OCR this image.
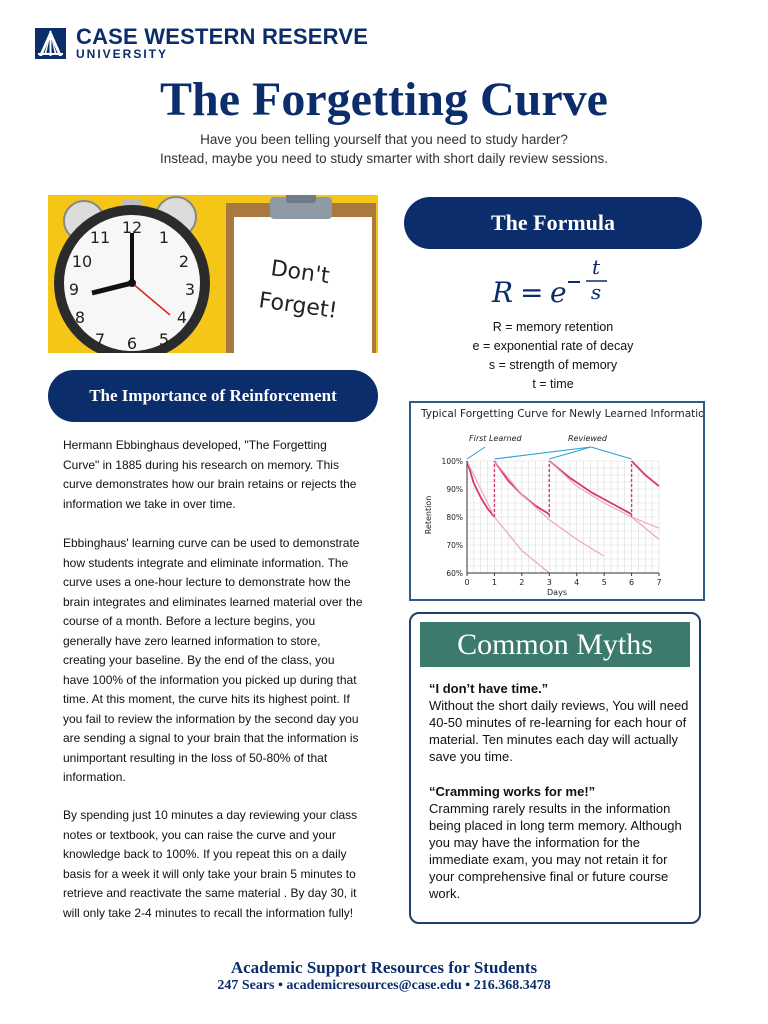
CASE WESTERN RESERVE
UNIVERSITY
The Forgetting Curve
Have you been telling yourself that you need to study harder?
Instead, maybe you need to study smarter with short daily review sessions.
Don't
Forget!
12
1
2
3
4
5
6
7
8
9
10
11
The Importance of Reinforcement
Hermann Ebbinghaus developed, "The Forgetting Curve" in 1885 during his research on memory. This curve demonstrates how our brain retains or rejects the information we take in over time.
Ebbinghaus' learning curve can be used to demonstrate how students integrate and eliminate information. The curve uses a one-hour lecture to demonstrate how the brain integrates and eliminates learned material over the course of a month. Before a lecture begins, you generally have zero learned information to store, creating your baseline. By the end of the class, you have 100% of the information you picked up during that time. At this moment, the curve hits its highest point. If you fail to review the information by the second day you are sending a signal to your brain that the information is unimportant resulting in the loss of 50-80% of that information.
By spending just 10 minutes a day reviewing your class notes or textbook, you can raise the curve and your knowledge back to 100%. If you repeat this on a daily basis for a week it will only take your brain 5 minutes to retrieve and reactivate the same material . By day 30, it will only take 2-4 minutes to recall the information fully!
The Formula
R = e
t
s
R = memory retention
e = exponential rate of decay
s = strength of memory
t = time
Typical Forgetting Curve for Newly Learned Information
0	1	2	3	4	5	6	7
60%
70%
80%
90%
100%
First Learned	Reviewed
Days
Retention
Common Myths
“I don’t have time.”
Without the short daily reviews, You will need 40-50 minutes of re-learning for each hour of material. Ten minutes each day will actually save you time.
“Cramming works for me!”
Cramming rarely results in the information being placed in long term memory. Although you may have the information for the immediate exam, you may not retain it for your comprehensive final or future course work.
Academic Support Resources for Students
247 Sears • academicresources@case.edu • 216.368.3478
